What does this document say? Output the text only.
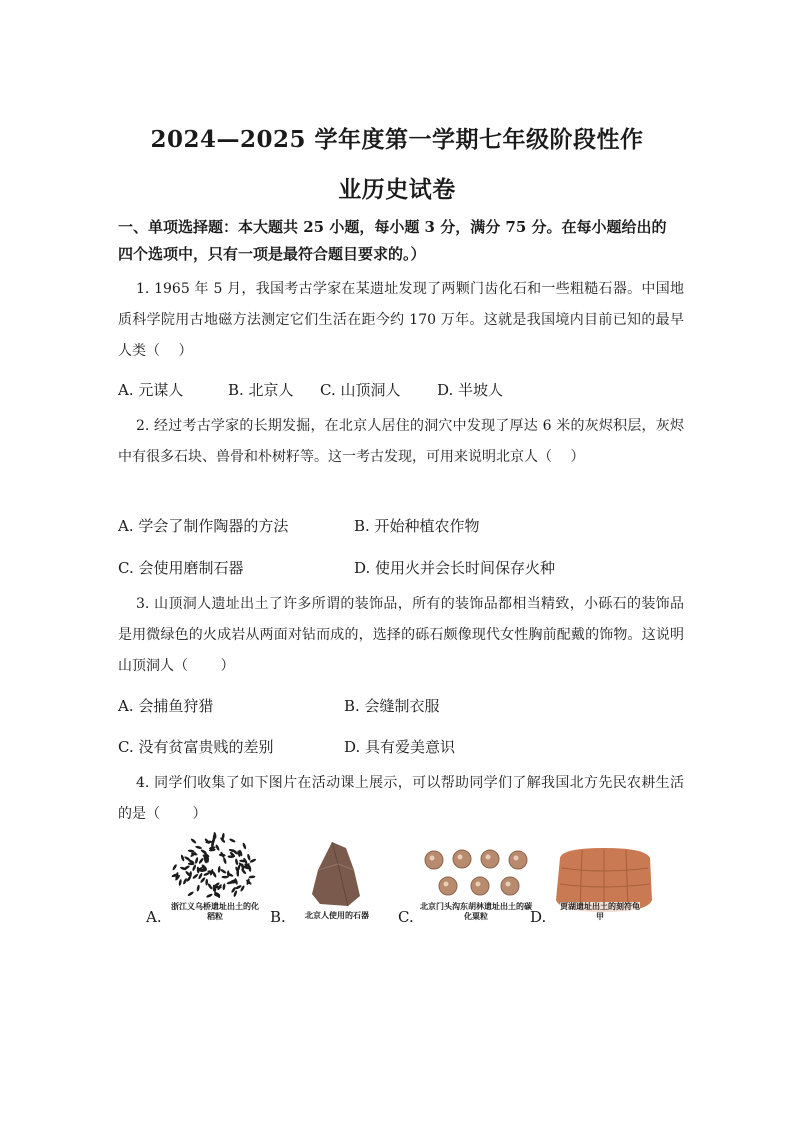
2024—2025 学年度第一学期七年级阶段性作
业历史试卷
一、单项选择题：本大题共 25 小题，每小题 3 分，满分 75 分。在每小题给出的四个选项中，只有一项是最符合题目要求的。）
1. 1965 年 5 月，我国考古学家在某遗址发现了两颗门齿化石和一些粗糙石器。中国地质科学院用古地磁方法测定它们生活在距今约 170 万年。这就是我国境内目前已知的最早人类（　 ）
A. 元谋人	B. 北京人 C. 山顶洞人 D. 半坡人
2. 经过考古学家的长期发掘，在北京人居住的洞穴中发现了厚达 6 米的灰烬积层，灰烬中有很多石块、兽骨和朴树籽等。这一考古发现，可用来说明北京人（　 ）
A. 学会了制作陶器的方法	B. 开始种植农作物
C. 会使用磨制石器	D. 使用火并会长时间保存火种
3. 山顶洞人遗址出土了许多所谓的装饰品，所有的装饰品都相当精致，小砾石的装饰品是用微绿色的火成岩从两面对钻而成的，选择的砾石颇像现代女性胸前配戴的饰物。这说明山顶洞人（　　 ）
A. 会捕鱼狩猎	B. 会缝制衣服
C. 没有贫富贵贱的差别	D. 具有爱美意识
4. 同学们收集了如下图片在活动课上展示，可以帮助同学们了解我国北方先民农耕生活的是（　　 ）
A.
浙江义乌桥遗址出土的化稻粒	B.	北京人使用的石器	C.
北京门头沟东胡林遗址出土的碳化粟粒	D.
贾湖遗址出土的刻符龟甲
